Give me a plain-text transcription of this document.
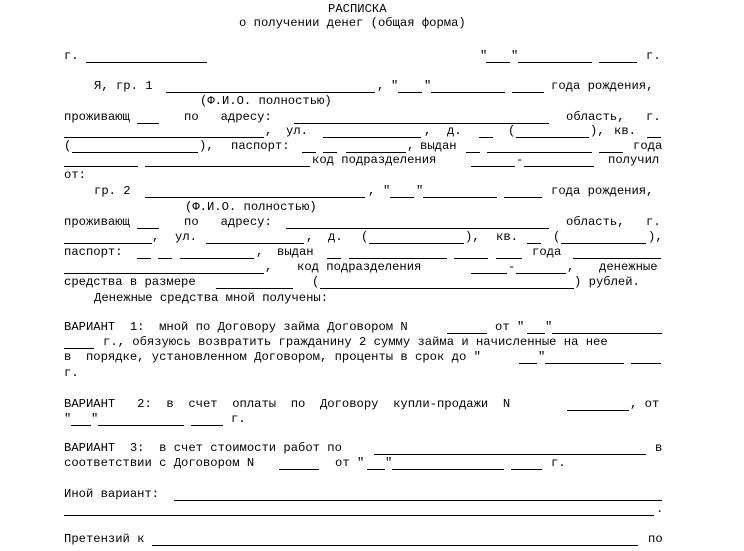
РАСПИСКА
о получении денег (общая форма)
г.	" "	г.
Я, гр. 1	, " "	года рождения,
(Ф.И.О. полностью)
проживающ	по   адресу:	область, г.
, ул.	, д.	(	), кв.
(	), паспорт:	, выдан	года
код подразделения	-	получил
от:
гр. 2	, " "	года рождения,
(Ф.И.О. полностью)
проживающ	по   адресу:	область, г.
, ул.	, д. (	), кв.	(	),
паспорт:	, выдан	года
, код подразделения	-	, денежные
средства в размере	(	) рублей.
Денежные средства мной получены:
ВАРИАНТ  1:  мной по Договору займа Договором N	от " "
г., обязуюсь возвратить гражданину 2 сумму займа и начисленные на нее
в  порядке, установленном Договором, проценты в срок до "	"
г.
ВАРИАНТ   2:  в  счет  оплаты  по  Договору  купли-продажи  N	, от
" "	г.
ВАРИАНТ  3:  в счет стоимости работ по	в
соответствии с Договором N	от " "	г.
Иной вариант:
.
Претензий к	по
